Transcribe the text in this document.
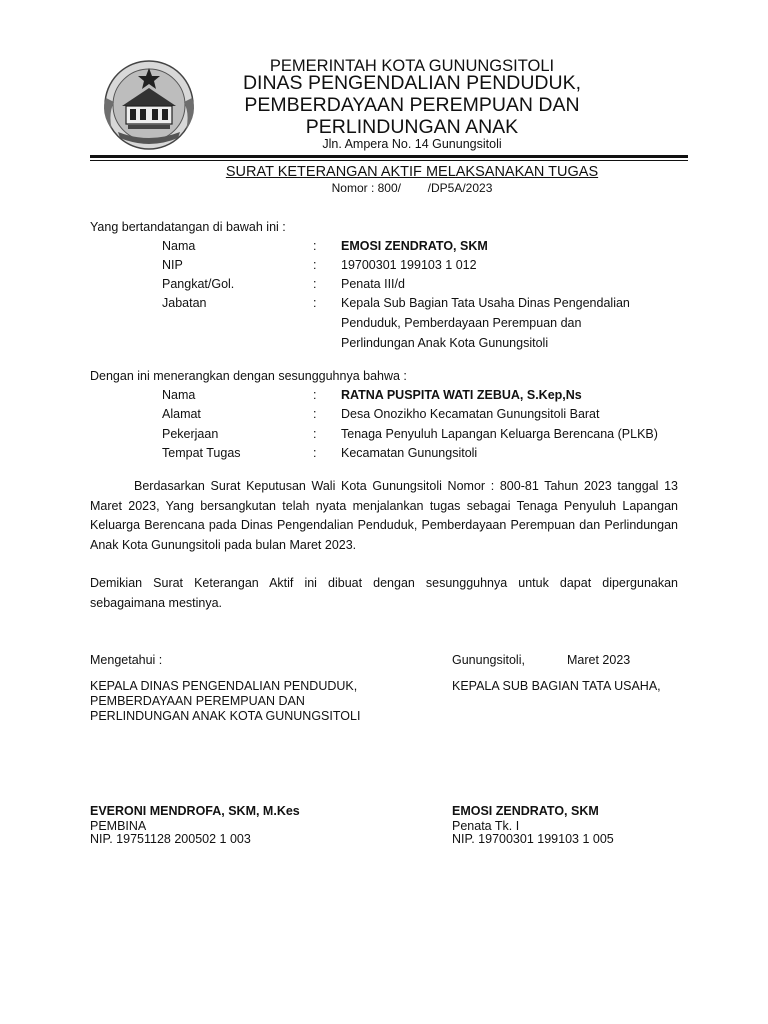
PEMERINTAH KOTA GUNUNGSITOLI
DINAS PENGENDALIAN PENDUDUK,
PEMBERDAYAAN PEREMPUAN DAN
PERLINDUNGAN ANAK
Jln. Ampera No. 14 Gunungsitoli
SURAT KETERANGAN AKTIF MELAKSANAKAN TUGAS
Nomor : 800/        /DP5A/2023
Yang bertandatangan di bawah ini :
Nama	: EMOSI ZENDRATO, SKM
NIP	: 19700301 199103 1 012
Pangkat/Gol.	: Penata III/d
Jabatan	: Kepala Sub Bagian Tata Usaha Dinas Pengendalian
Penduduk, Pemberdayaan Perempuan dan
Perlindungan Anak Kota Gunungsitoli
Dengan ini menerangkan dengan sesungguhnya bahwa :
Nama	: RATNA PUSPITA WATI ZEBUA, S.Kep,Ns
Alamat	: Desa Onozikho Kecamatan Gunungsitoli Barat
Pekerjaan	: Tenaga Penyuluh Lapangan Keluarga Berencana (PLKB)
Tempat Tugas	: Kecamatan Gunungsitoli
Berdasarkan Surat Keputusan Wali Kota Gunungsitoli Nomor : 800-81 Tahun 2023 tanggal 13 Maret 2023, Yang bersangkutan telah nyata menjalankan tugas sebagai Tenaga Penyuluh Lapangan Keluarga Berencana pada Dinas Pengendalian Penduduk, Pemberdayaan Perempuan dan Perlindungan Anak Kota Gunungsitoli pada bulan Maret 2023.
Demikian Surat Keterangan Aktif ini dibuat dengan sesungguhnya untuk dapat dipergunakan sebagaimana mestinya.
Mengetahui :	Gunungsitoli,	Maret 2023
KEPALA DINAS PENGENDALIAN PENDUDUK,
PEMBERDAYAAN PEREMPUAN DAN
PERLINDUNGAN ANAK KOTA GUNUNGSITOLI
KEPALA SUB BAGIAN TATA USAHA,
EVERONI MENDROFA, SKM, M.Kes
PEMBINA
NIP. 19751128 200502 1 003
EMOSI ZENDRATO, SKM
Penata Tk. I
NIP. 19700301 199103 1 005
